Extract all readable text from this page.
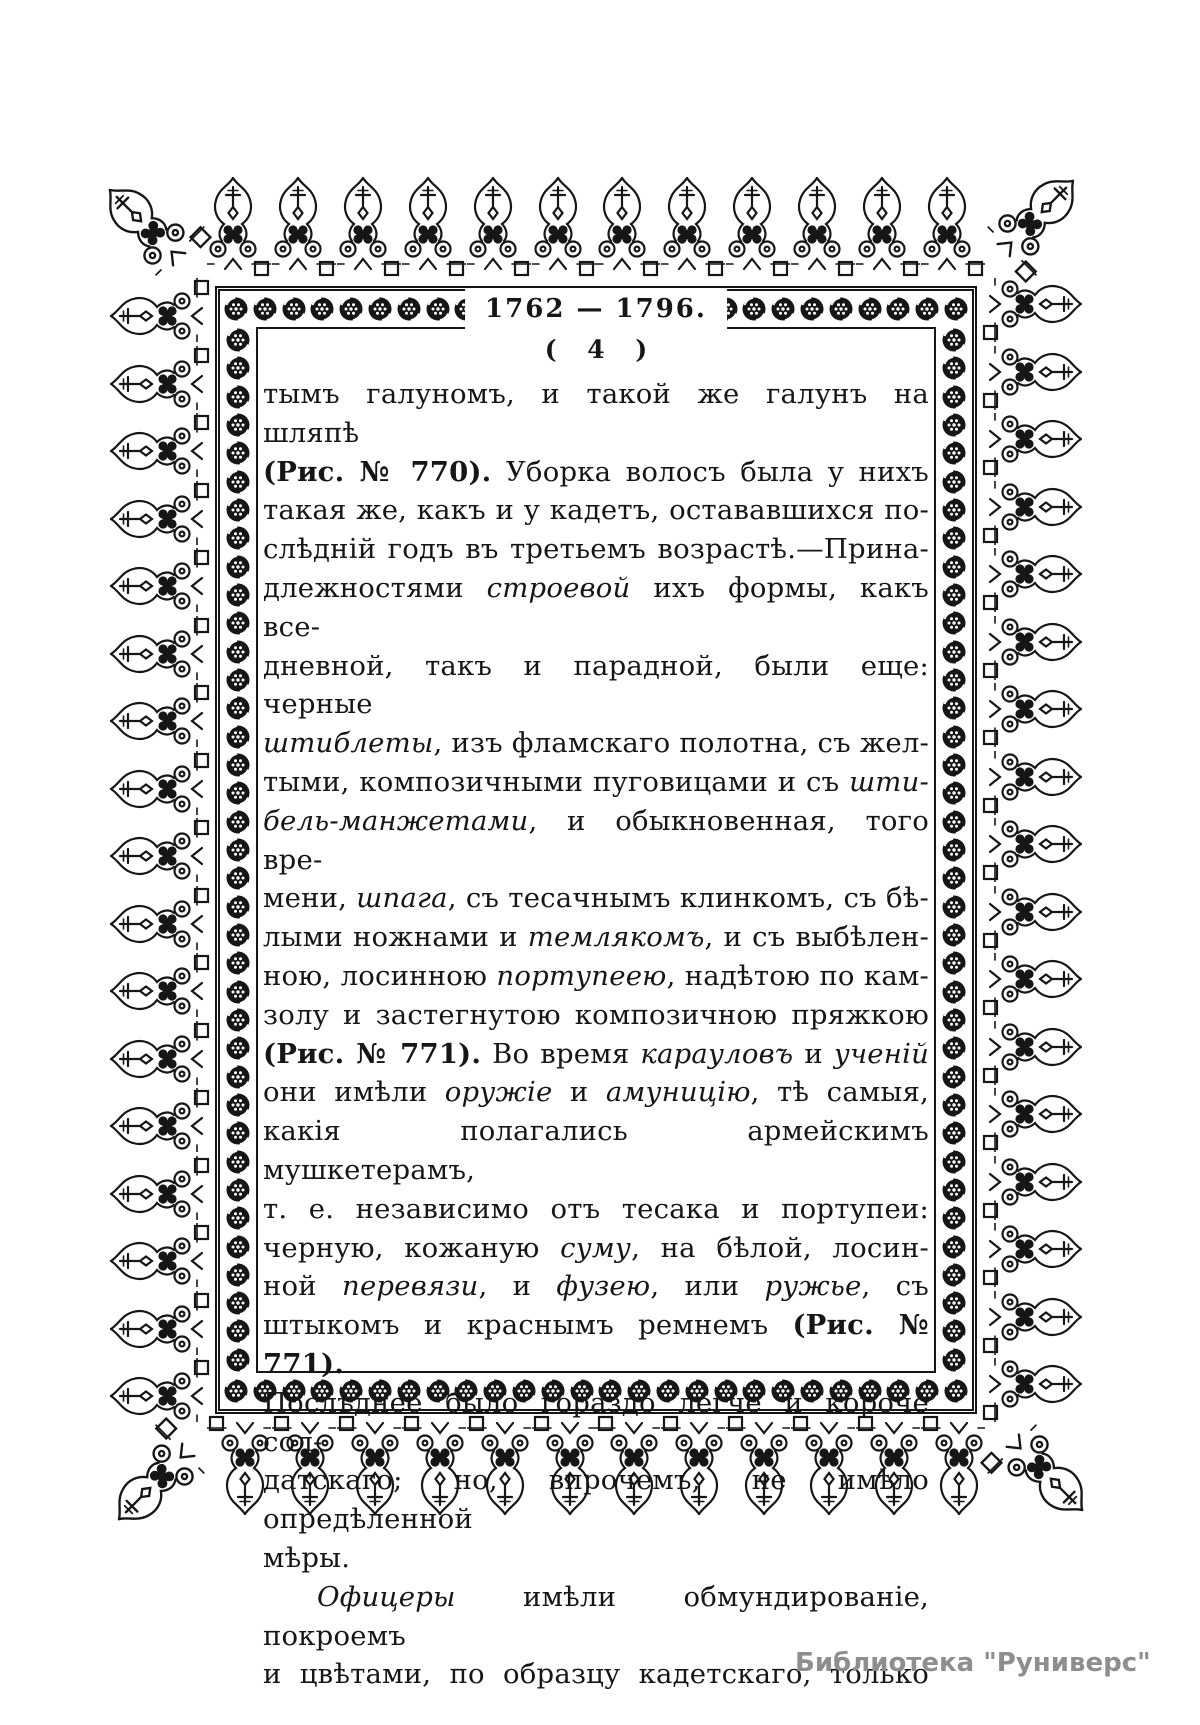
1762 — 1796.
( 4 )
тымъ галуномъ, и такой же галунъ на шляпѣ
(Рис. № 770). Уборка волосъ была у нихъ
такая же, какъ и у кадетъ, остававшихся по-
слѣдній годъ въ третьемъ возрастѣ.—Прина-
длежностями строевой ихъ формы, какъ все-
дневной, такъ и парадной, были еще: черные
штиблеты, изъ фламскаго полотна, съ жел-
тыми, композичными пуговицами и съ шти-
бель-манжетами, и обыкновенная, того вре-
мени, шпага, съ тесачнымъ клинкомъ, съ бѣ-
лыми ножнами и темлякомъ, и съ выбѣлен-
ною, лосинною портупеею, надѣтою по кам-
золу и застегнутою композичною пряжкою
(Рис. № 771). Во время карауловъ и ученій
они имѣли оружіе и амуницію, тѣ самыя,
какія полагались армейскимъ мушкетерамъ,
т. е. независимо отъ тесака и портупеи:
черную, кожаную суму, на бѣлой, лосин-
ной перевязи, и фузею, или ружье, съ
штыкомъ и краснымъ ремнемъ (Рис. № 771).
Послѣднее было гораздо легче и короче сол-
датскаго; но, впрочемъ, не имѣло опредѣленной
мѣры.
Офицеры имѣли обмундированіе, покроемъ
и цвѣтами, по образцу кадетскаго, только
Библиотека "Руниверс"
